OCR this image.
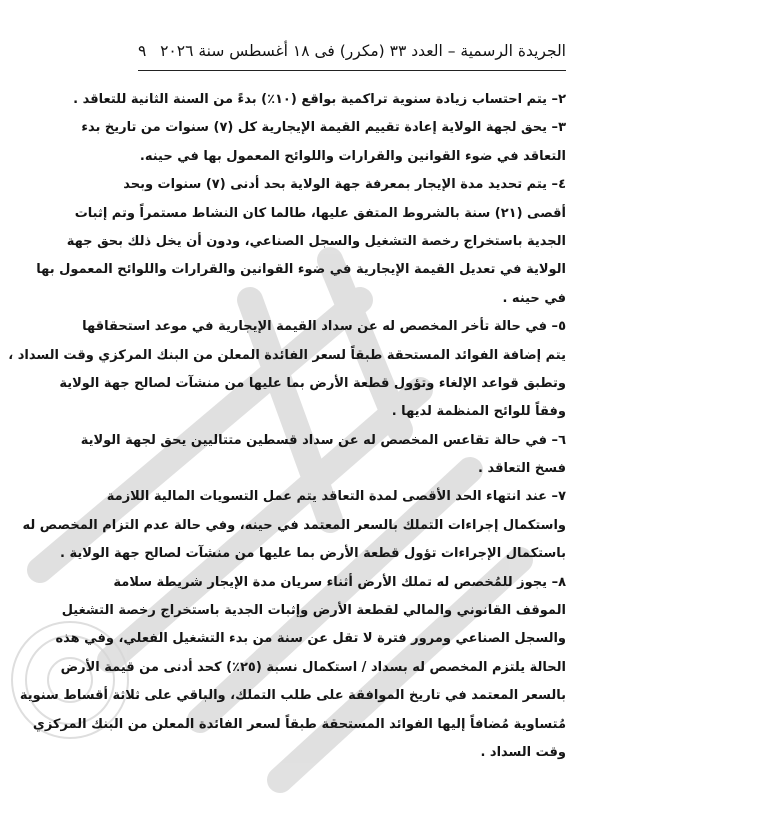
الجريدة الرسمية – العدد ٣٣ (مكرر) فى ١٨ أغسطس سنة ٢٠٢٦
٩
٢– يتم احتساب زيادة سنوية تراكمية بواقع (١٠٪) بدءً من السنة الثانية للتعاقد .
٣– يحق لجهة الولاية إعادة تقييم القيمة الإيجارية كل (٧) سنوات من تاريخ بدء
التعاقد في ضوء القوانين والقرارات واللوائح المعمول بها في حينه.
٤– يتم تحديد مدة الإيجار بمعرفة جهة الولاية بحد أدنى (٧) سنوات وبحد
أقصى (٢١) سنة بالشروط المتفق عليها، طالما كان النشاط مستمراً وتم إثبات
الجدية باستخراج رخصة التشغيل والسجل الصناعي، ودون أن يخل ذلك بحق جهة
الولاية في تعديل القيمة الإيجارية في ضوء القوانين والقرارات واللوائح المعمول بها
في حينه .
٥– في حالة تأخر المخصص له عن سداد القيمة الإيجارية في موعد استحقاقها
يتم إضافة الفوائد المستحقة طبقاً لسعر الفائدة المعلن من البنك المركزي وقت السداد ،
وتطبق قواعد الإلغاء وتؤول قطعة الأرض بما عليها من منشآت لصالح جهة الولاية
وفقاً للوائح المنظمة لديها .
٦– في حالة تقاعس المخصص له عن سداد قسطين متتاليين يحق لجهة الولاية
فسخ التعاقد .
٧– عند انتهاء الحد الأقصى لمدة التعاقد يتم عمل التسويات المالية اللازمة
واستكمال إجراءات التملك بالسعر المعتمد في حينه، وفي حالة عدم التزام المخصص له
باستكمال الإجراءات تؤول قطعة الأرض بما عليها من منشآت لصالح جهة الولاية .
٨– يجوز للمُخصص له تملك الأرض أثناء سريان مدة الإيجار شريطة سلامة
الموقف القانوني والمالي لقطعة الأرض وإثبات الجدية باستخراج رخصة التشغيل
والسجل الصناعي ومرور فترة لا تقل عن سنة من بدء التشغيل الفعلي، وفي هذه
الحالة يلتزم المخصص له بسداد / استكمال نسبة (٢٥٪) كحد أدنى من قيمة الأرض
بالسعر المعتمد في تاريخ الموافقة على طلب التملك، والباقي على ثلاثة أقساط سنوية
مُتساوية مُضافاً إليها الفوائد المستحقة طبقاً لسعر الفائدة المعلن من البنك المركزي
وقت السداد .
